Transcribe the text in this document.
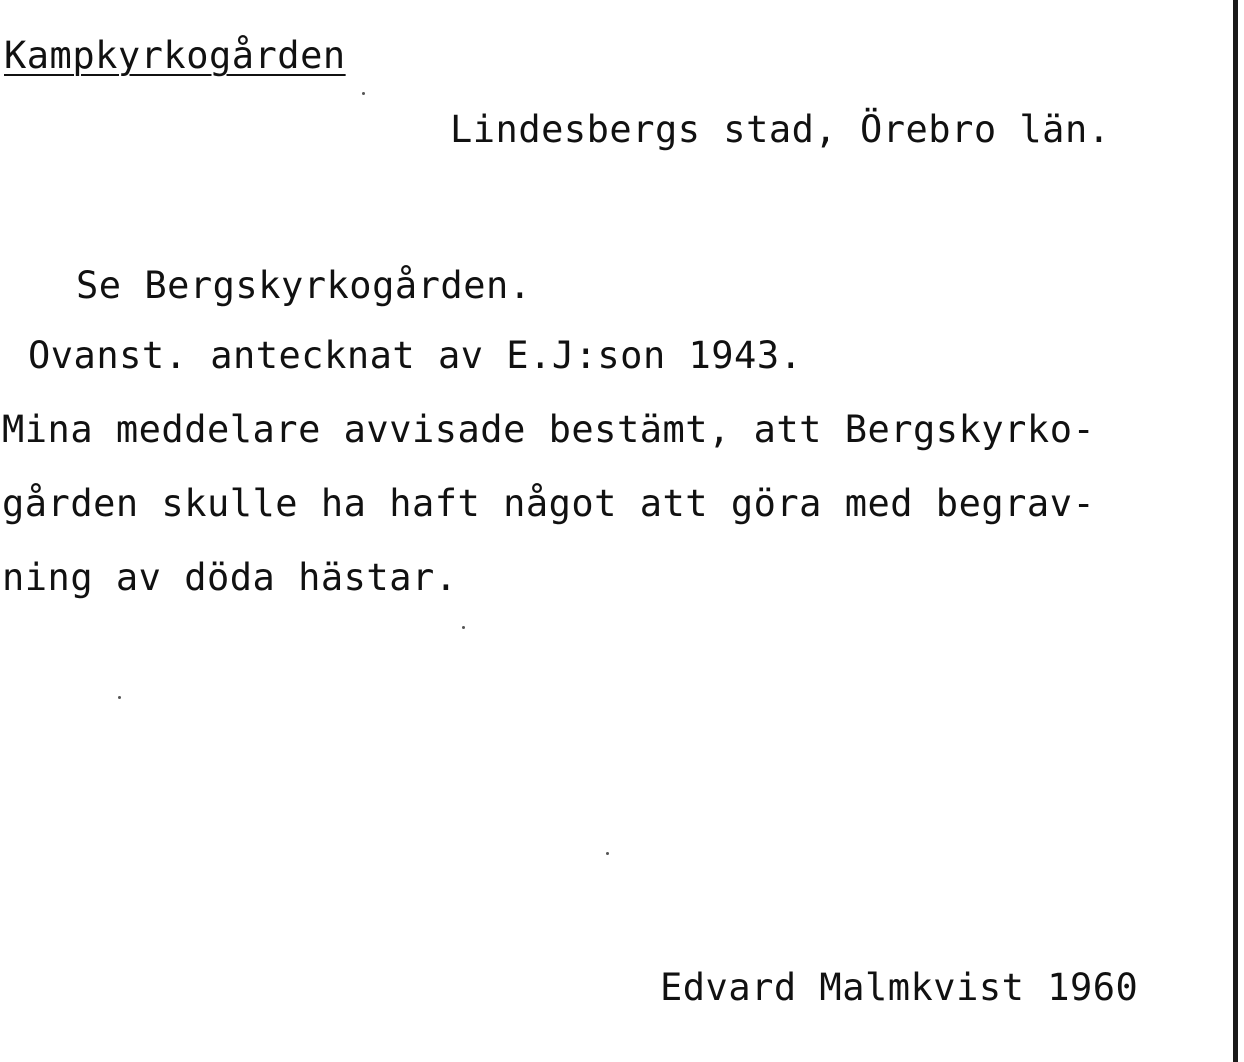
Kampkyrkogården
Lindesbergs stad, Örebro län.
Se Bergskyrkogården.
Ovanst. antecknat av E.J:son 1943.
Mina meddelare avvisade bestämt, att Bergskyrko-
gården skulle ha haft något att göra med begrav-
ning av döda hästar.
Edvard Malmkvist 1960
